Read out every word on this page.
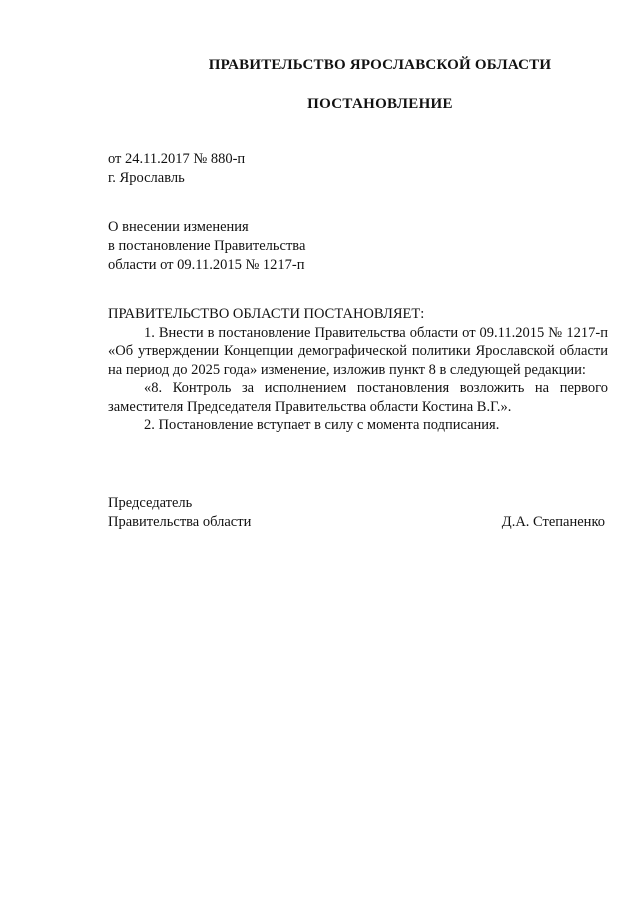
ПРАВИТЕЛЬСТВО ЯРОСЛАВСКОЙ ОБЛАСТИ
ПОСТАНОВЛЕНИЕ
от 24.11.2017 № 880-п
г. Ярославль
О внесении изменения
в постановление Правительства
области от 09.11.2015 № 1217-п

ПРАВИТЕЛЬСТВО ОБЛАСТИ ПОСТАНОВЛЯЕТ:

1. Внести в постановление Правительства области от 09.11.2015 № 1217-п «Об утверждении Концепции демографической политики Ярославской области на период до 2025 года» изменение, изложив пункт 8 в следующей редакции:

«8. Контроль за исполнением постановления возложить на первого заместителя Председателя Правительства области Костина В.Г.».

2. Постановление вступает в силу с момента подписания.

Председатель
Правительства области	Д.А. Степаненко
